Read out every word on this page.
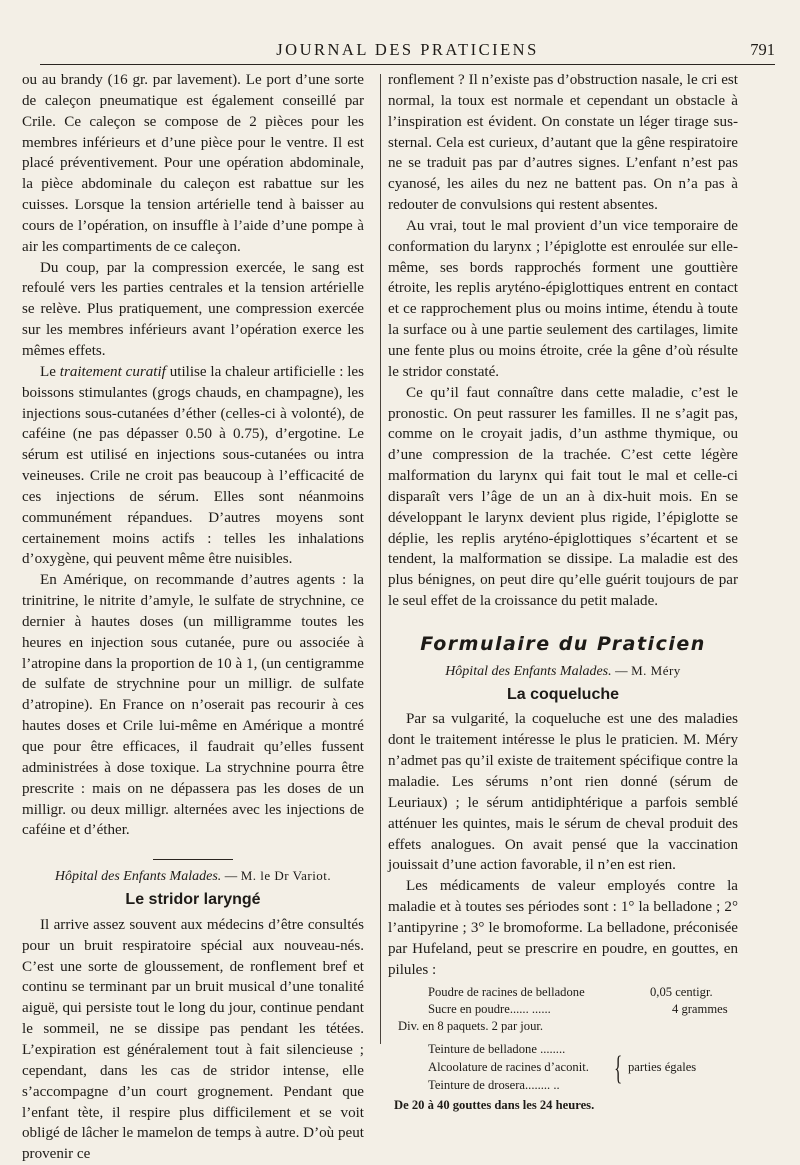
JOURNAL DES PRATICIENS	791

ou au brandy (16 gr. par lavement). Le port d’une sorte de caleçon pneumatique est également conseillé par Crile. Ce caleçon se compose de 2 pièces pour les membres inférieurs et d’une pièce pour le ventre. Il est placé préventivement. Pour une opération abdominale, la pièce abdominale du caleçon est rabattue sur les cuisses. Lorsque la tension artérielle tend à baisser au cours de l’opération, on insuffle à l’aide d’une pompe à air les compartiments de ce caleçon.

Du coup, par la compression exercée, le sang est refoulé vers les parties centrales et la tension artérielle se relève. Plus pratiquement, une compression exercée sur les membres inférieurs avant l’opération exerce les mêmes effets.

Le traitement curatif utilise la chaleur artificielle : les boissons stimulantes (grogs chauds, en champagne), les injections sous-cutanées d’éther (celles-ci à volonté), de caféine (ne pas dépasser 0.50 à 0.75), d’ergotine. Le sérum est utilisé en injections sous-cutanées ou intra veineuses. Crile ne croit pas beaucoup à l’efficacité de ces injections de sérum. Elles sont néanmoins communément répandues. D’autres moyens sont certainement moins actifs : telles les inhalations d’oxygène, qui peuvent même être nuisibles.

En Amérique, on recommande d’autres agents : la trinitrine, le nitrite d’amyle, le sulfate de strychnine, ce dernier à hautes doses (un milligramme toutes les heures en injection sous cutanée, pure ou associée à l’atropine dans la proportion de 10 à 1, (un centigramme de sulfate de strychnine pour un milligr. de sulfate d’atropine). En France on n’oserait pas recourir à ces hautes doses et Crile lui-même en Amérique a montré que pour être efficaces, il faudrait qu’elles fussent administrées à dose toxique. La strychnine pourra être prescrite : mais on ne dépassera pas les doses de un milligr. ou deux milligr. alternées avec les injections de caféine et d’éther.

Hôpital des Enfants Malades. — M. le Dr Variot.
Le stridor laryngé

Il arrive assez souvent aux médecins d’être consultés pour un bruit respiratoire spécial aux nouveau-nés. C’est une sorte de gloussement, de ronflement bref et continu se terminant par un bruit musical d’une tonalité aiguë, qui persiste tout le long du jour, continue pendant le sommeil, ne se dissipe pas pendant les tétées. L’expiration est généralement tout à fait silencieuse ; cependant, dans les cas de stridor intense, elle s’accompagne d’un court grognement. Pendant que l’enfant tète, il respire plus difficilement et se voit obligé de lâcher le mamelon de temps à autre. D’où peut provenir ce

ronflement ? Il n’existe pas d’obstruction nasale, le cri est normal, la toux est normale et cependant un obstacle à l’inspiration est évident. On constate un léger tirage sus-sternal. Cela est curieux, d’autant que la gêne respiratoire ne se traduit pas par d’autres signes. L’enfant n’est pas cyanosé, les ailes du nez ne battent pas. On n’a pas à redouter de convulsions qui restent absentes.

Au vrai, tout le mal provient d’un vice temporaire de conformation du larynx ; l’épiglotte est enroulée sur elle-même, ses bords rapprochés forment une gouttière étroite, les replis aryténo-épiglottiques entrent en contact et ce rapprochement plus ou moins intime, étendu à toute la surface ou à une partie seulement des cartilages, limite une fente plus ou moins étroite, crée la gêne d’où résulte le stridor constaté.

Ce qu’il faut connaître dans cette maladie, c’est le pronostic. On peut rassurer les familles. Il ne s’agit pas, comme on le croyait jadis, d’un asthme thymique, ou d’une compression de la trachée. C’est cette légère malformation du larynx qui fait tout le mal et celle-ci disparaît vers l’âge de un an à dix-huit mois. En se développant le larynx devient plus rigide, l’épiglotte se déplie, les replis aryténo-épiglottiques s’écartent et se tendent, la malformation se dissipe. La maladie est des plus bénignes, on peut dire qu’elle guérit toujours de par le seul effet de la croissance du petit malade.

Formulaire du Praticien
Hôpital des Enfants Malades. — M. Méry
La coqueluche

Par sa vulgarité, la coqueluche est une des maladies dont le traitement intéresse le plus le praticien. M. Méry n’admet pas qu’il existe de traitement spécifique contre la maladie. Les sérums n’ont rien donné (sérum de Leuriaux) ; le sérum antidiphtérique a parfois semblé atténuer les quintes, mais le sérum de cheval produit des effets analogues. On avait pensé que la vaccination jouissait d’une action favorable, il n’en est rien.

Les médicaments de valeur employés contre la maladie et à toutes ses périodes sont : 1° la belladone ; 2° l’antipyrine ; 3° le bromoforme. La belladone, préconisée par Hufeland, peut se prescrire en poudre, en gouttes, en pilules :

Poudre de racines de belladone	0,05 centigr.
Sucre en poudre...... ......	4 grammes
Div. en 8 paquets. 2 par jour.
Teinture de belladone ........
Alcoolature de racines d’aconit.
Teinture de drosera........ .. { parties égales
De 20 à 40 gouttes dans les 24 heures.
